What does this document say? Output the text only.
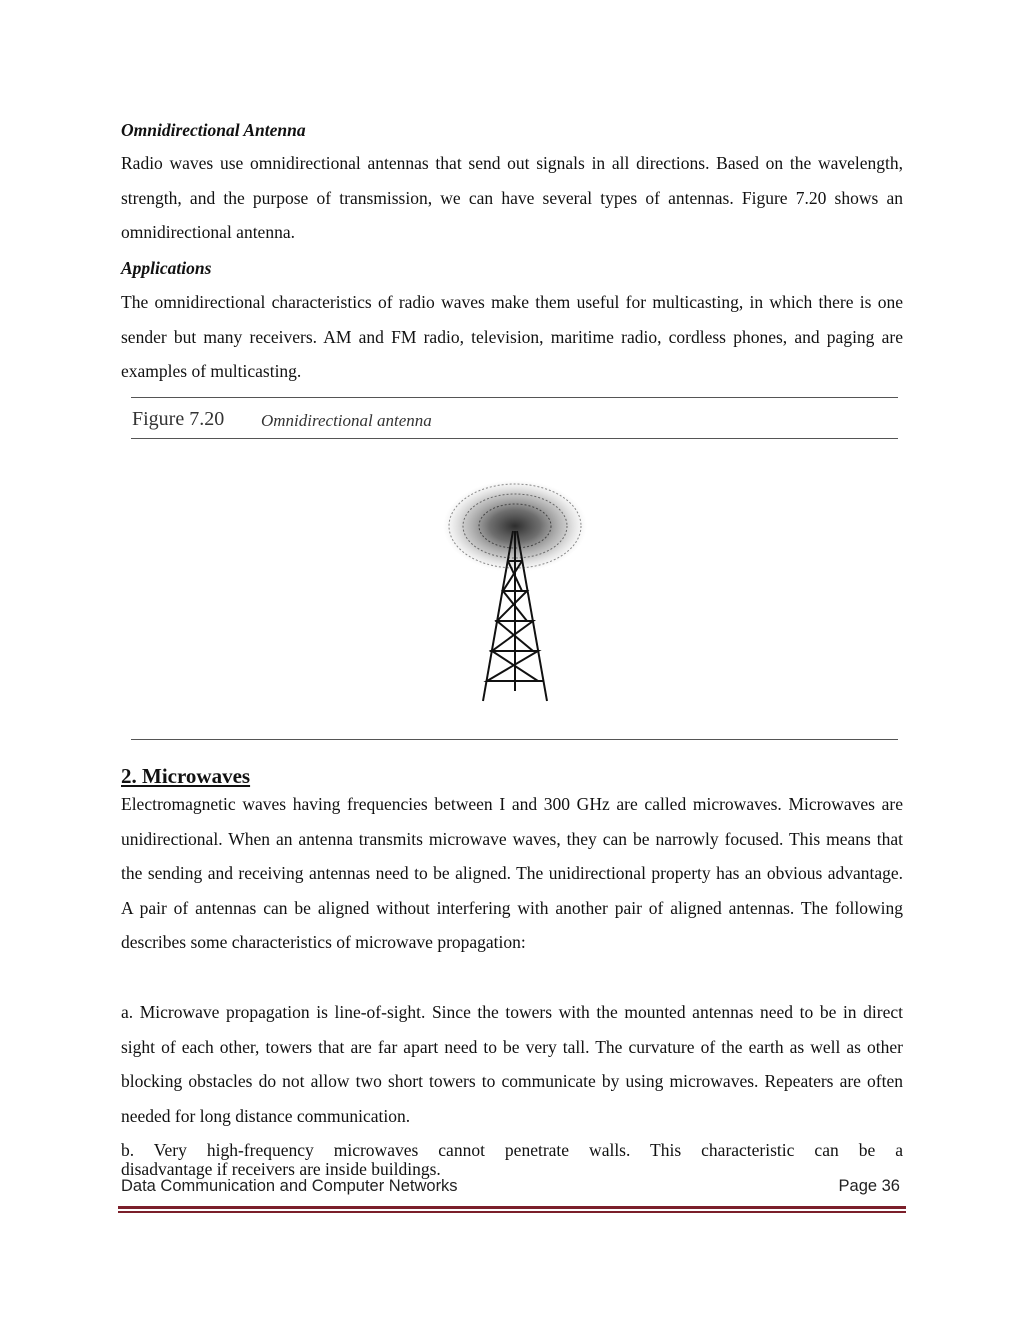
Omnidirectional Antenna

Radio waves use omnidirectional antennas that send out signals in all directions. Based on the wavelength, strength, and the purpose of transmission, we can have several types of antennas. Figure 7.20 shows an omnidirectional antenna.

Applications

The omnidirectional characteristics of radio waves make them useful for multicasting, in which there is one sender but many receivers. AM and FM radio, television, maritime radio, cordless phones, and paging are examples of multicasting.

Figure 7.20 Omnidirectional antenna
2. Microwaves

Electromagnetic waves having frequencies between I and 300 GHz are called microwaves. Microwaves are unidirectional. When an antenna transmits microwave waves, they can be narrowly focused. This means that the sending and receiving antennas need to be aligned. The unidirectional property has an obvious advantage. A pair of antennas can be aligned without interfering with another pair of aligned antennas. The following describes some characteristics of microwave propagation:

a. Microwave propagation is line-of-sight. Since the towers with the mounted antennas need to be in direct sight of each other, towers that are far apart need to be very tall. The curvature of the earth as well as other blocking obstacles do not allow two short towers to communicate by using microwaves. Repeaters are often needed for long distance communication.

b. Very high-frequency microwaves cannot penetrate walls. This characteristic can be a

disadvantage if receivers are inside buildings.

Data Communication and Computer Networks	Page 36
